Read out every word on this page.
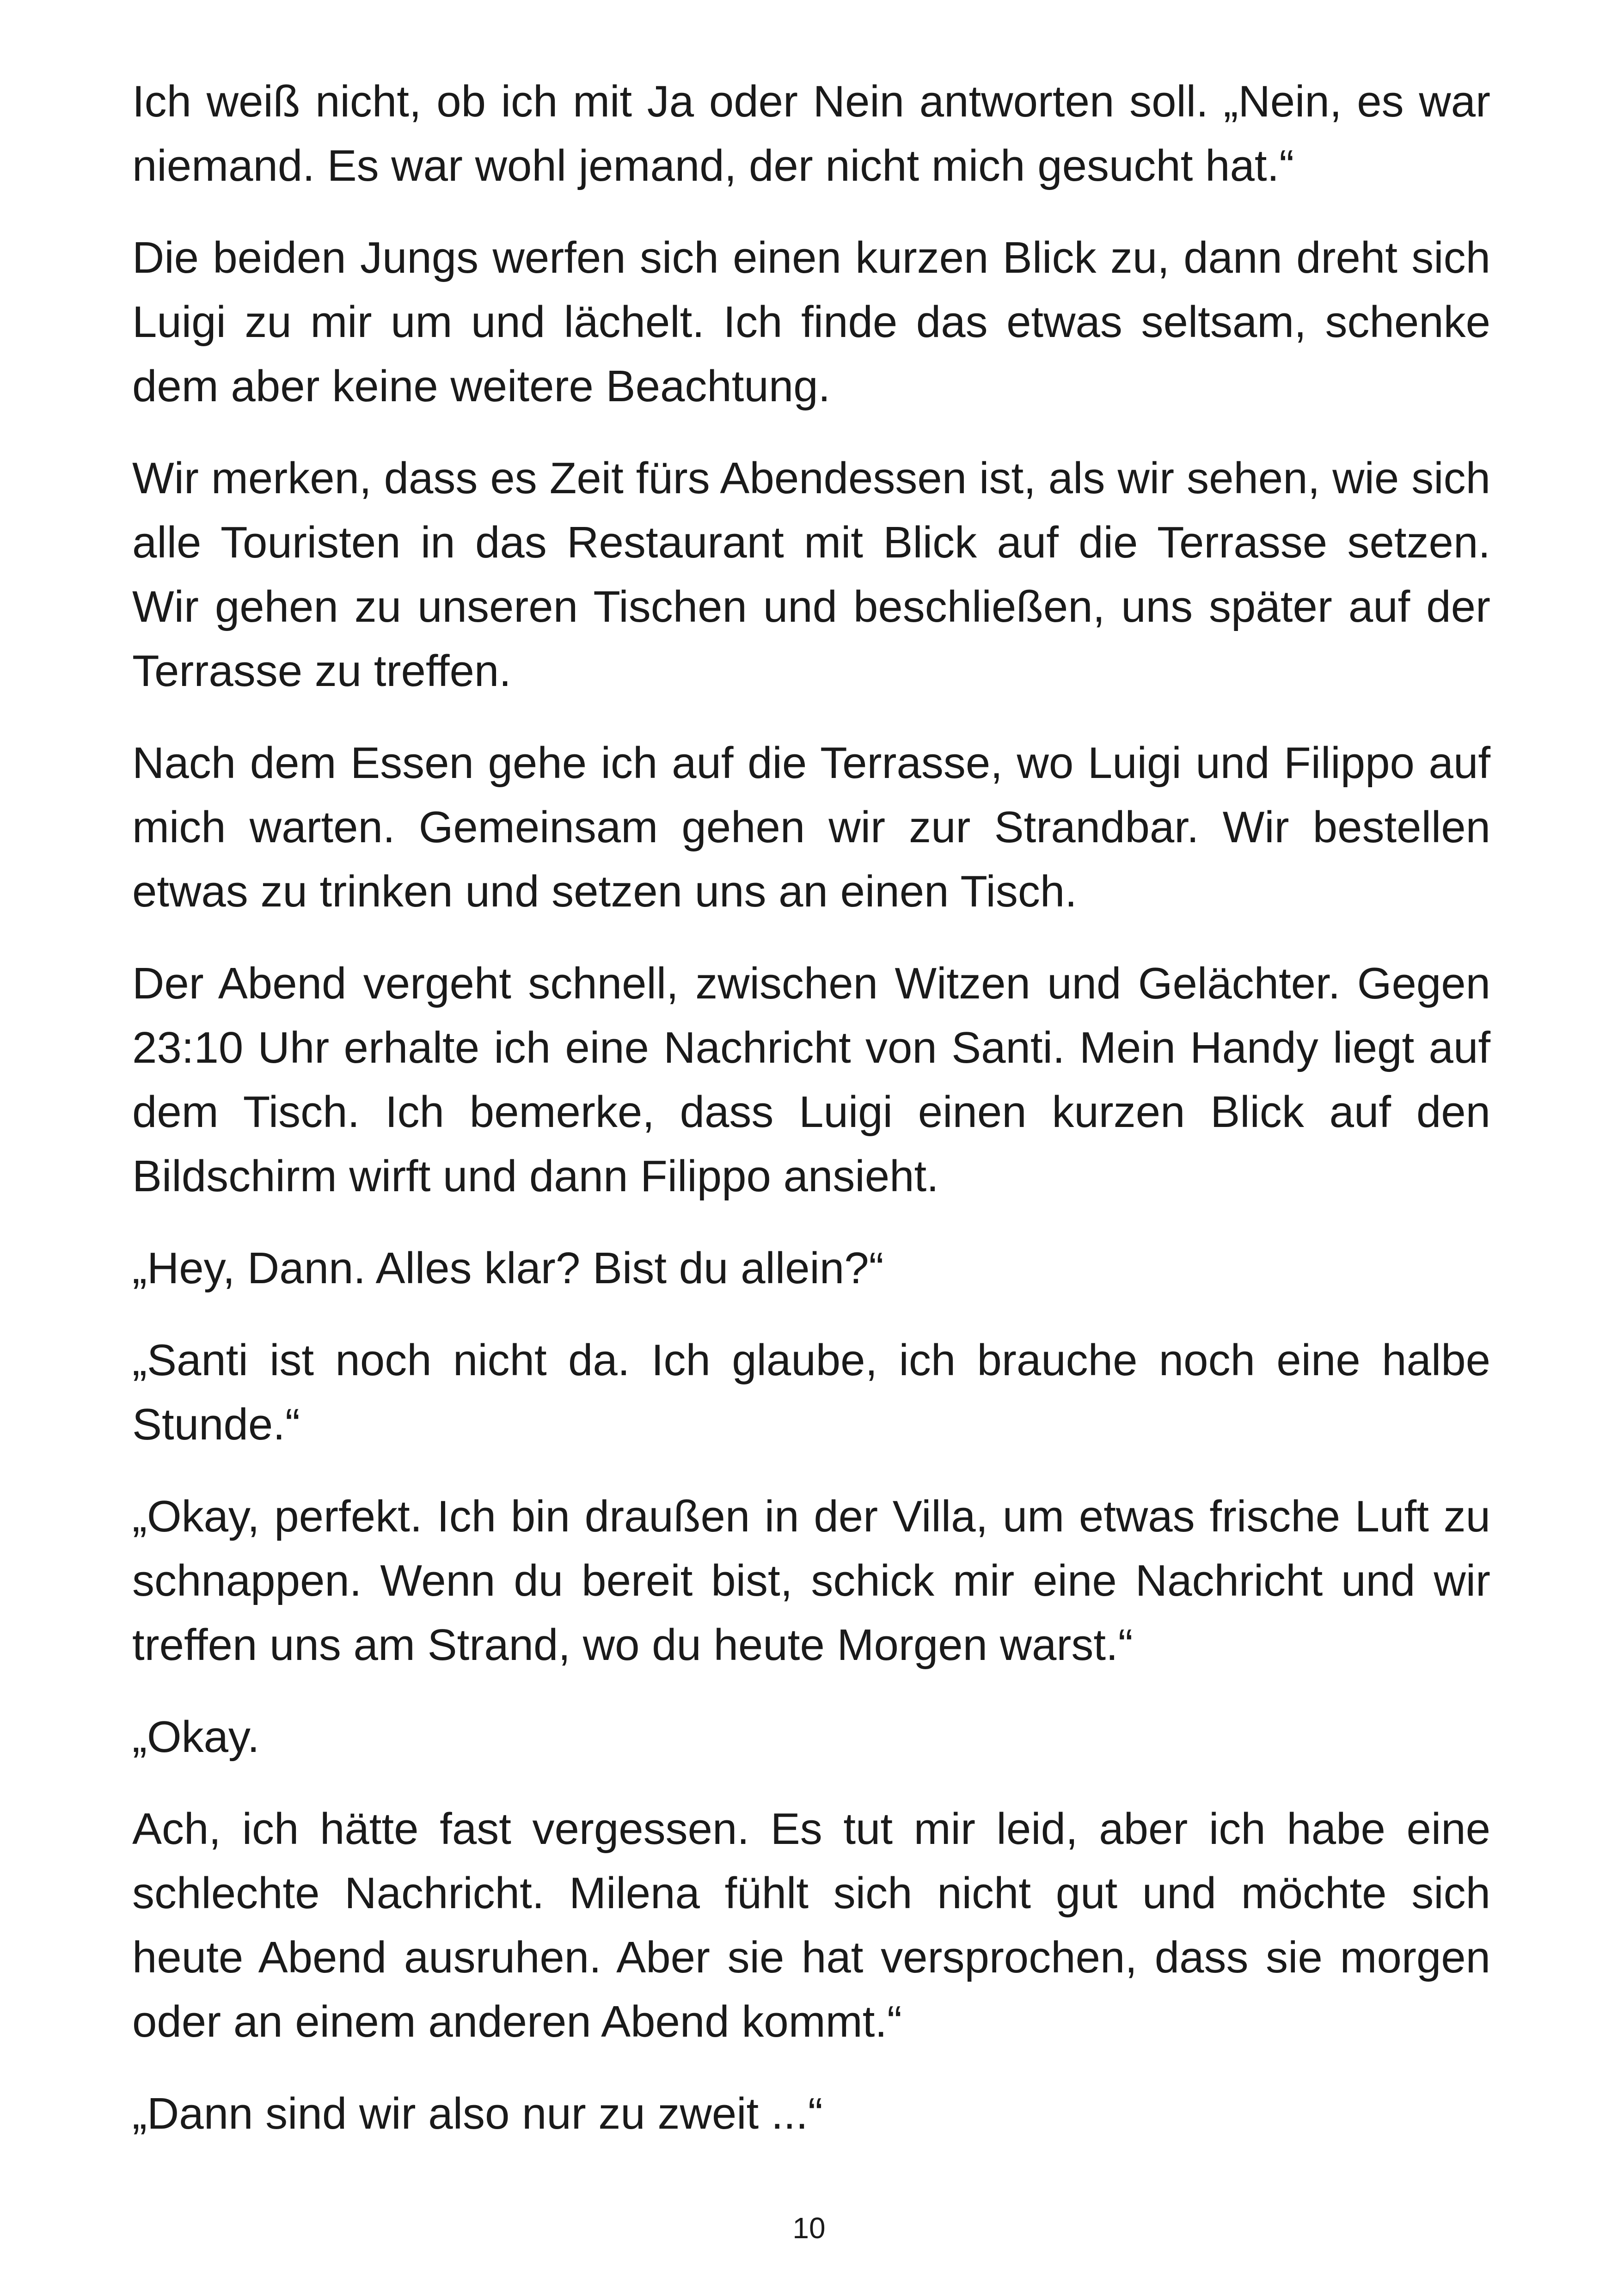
Ich weiß nicht, ob ich mit Ja oder Nein antworten soll. „Nein, es war niemand. Es war wohl jemand, der nicht mich gesucht hat.“

Die beiden Jungs werfen sich einen kurzen Blick zu, dann dreht sich Luigi zu mir um und lächelt. Ich finde das etwas seltsam, schenke dem aber keine weitere Beachtung.

Wir merken, dass es Zeit fürs Abendessen ist, als wir sehen, wie sich alle Touristen in das Restaurant mit Blick auf die Terrasse setzen. Wir gehen zu unseren Tischen und beschließen, uns später auf der Terrasse zu treffen.

Nach dem Essen gehe ich auf die Terrasse, wo Luigi und Filippo auf mich warten. Gemeinsam gehen wir zur Strandbar. Wir bestellen etwas zu trinken und setzen uns an einen Tisch.

Der Abend vergeht schnell, zwischen Witzen und Gelächter. Gegen 23:10 Uhr erhalte ich eine Nachricht von Santi. Mein Handy liegt auf dem Tisch. Ich bemerke, dass Luigi einen kurzen Blick auf den Bildschirm wirft und dann Filippo ansieht.

„Hey, Dann. Alles klar? Bist du allein?“

„Santi ist noch nicht da. Ich glaube, ich brauche noch eine halbe Stunde.“

„Okay, perfekt. Ich bin draußen in der Villa, um etwas frische Luft zu schnappen. Wenn du bereit bist, schick mir eine Nachricht und wir treffen uns am Strand, wo du heute Morgen warst.“

„Okay.

Ach, ich hätte fast vergessen. Es tut mir leid, aber ich habe eine schlechte Nachricht. Milena fühlt sich nicht gut und möchte sich heute Abend ausruhen. Aber sie hat versprochen, dass sie morgen oder an einem anderen Abend kommt.“

„Dann sind wir also nur zu zweit ...“

10
